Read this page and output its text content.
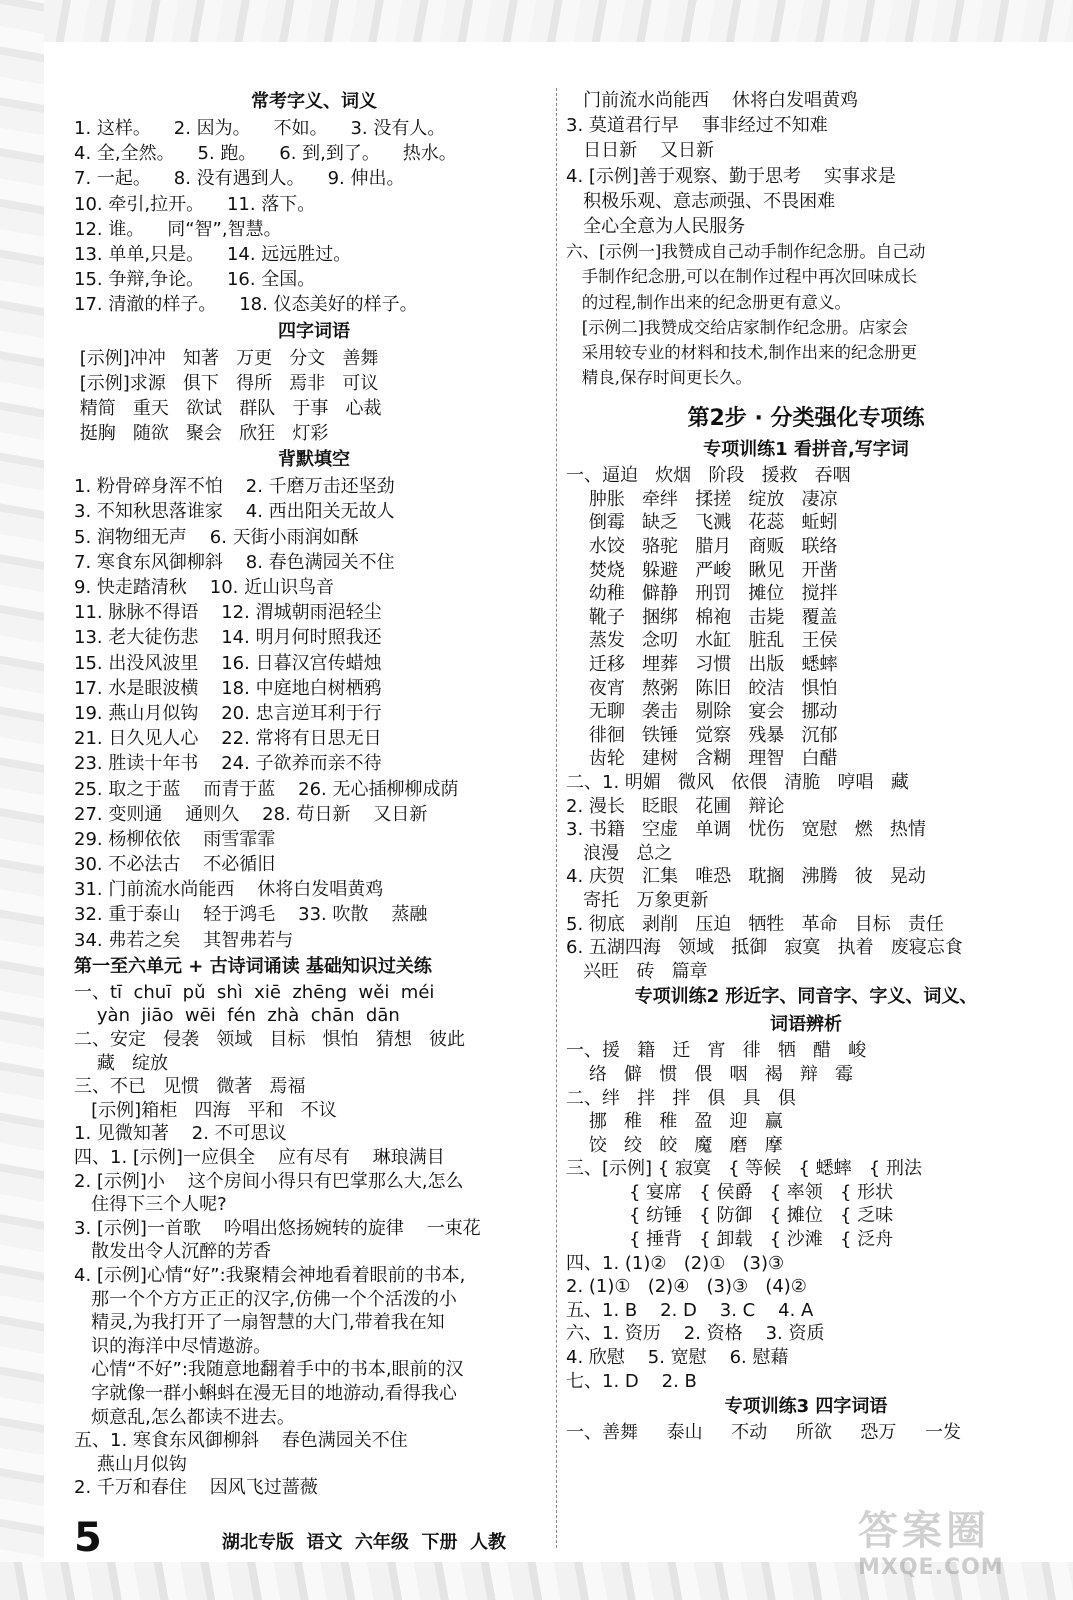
常考字义、词义
1. 这样。    2. 因为。    不如。    3. 没有人。
4. 全,全然。    5. 跑。    6. 到,到了。    热水。
7. 一起。    8. 没有遇到人。    9. 伸出。
10. 牵引,拉开。    11. 落下。
12. 谁。    同“智”,智慧。
13. 单单,只是。    14. 远远胜过。
15. 争辩,争论。    16. 全国。
17. 清澈的样子。    18. 仪态美好的样子。
四字词语
[示例]冲冲   知著   万更   分文   善舞
[示例]求源   俱下   得所   焉非   可议
精简   重天   欲试   群队   于事   心裁
挺胸   随欲   聚会   欣狂   灯彩
背默填空
1. 粉骨碎身浑不怕    2. 千磨万击还坚劲
3. 不知秋思落谁家    4. 西出阳关无故人
5. 润物细无声    6. 天街小雨润如酥
7. 寒食东风御柳斜    8. 春色满园关不住
9. 快走踏清秋    10. 近山识鸟音
11. 脉脉不得语    12. 渭城朝雨浥轻尘
13. 老大徒伤悲    14. 明月何时照我还
15. 出没风波里    16. 日暮汉宫传蜡烛
17. 水是眼波横    18. 中庭地白树栖鸦
19. 燕山月似钩    20. 忠言逆耳利于行
21. 日久见人心    22. 常将有日思无日
23. 胜读十年书    24. 子欲养而亲不待
25. 取之于蓝    而青于蓝    26. 无心插柳柳成荫
27. 变则通    通则久    28. 苟日新    又日新
29. 杨柳依依    雨雪霏霏
30. 不必法古    不必循旧
31. 门前流水尚能西    休将白发唱黄鸡
32. 重于泰山    轻于鸿毛    33. 吹散    蒸融
34. 弗若之矣    其智弗若与
第一至六单元 + 古诗词诵读 基础知识过关练
一、tī  chuī  pǔ  shì  xiē  zhēng  wěi  méi
yàn  jiāo  wēi  fén  zhà  chān  dān
二、安定   侵袭   领域   目标   惧怕   猜想   彼此
藏   绽放
三、不已   见惯   微著   焉福
[示例]箱柜   四海   平和   不议
1. 见微知著    2. 不可思议
四、1. [示例]一应俱全    应有尽有    琳琅满目
2. [示例]小    这个房间小得只有巴掌那么大,怎么
住得下三个人呢?
3. [示例]一首歌    吟唱出悠扬婉转的旋律    一束花
散发出令人沉醉的芳香
4. [示例]心情“好”:我聚精会神地看着眼前的书本,
那一个个方方正正的汉字,仿佛一个个活泼的小
精灵,为我打开了一扇智慧的大门,带着我在知
识的海洋中尽情遨游。
心情“不好”:我随意地翻着手中的书本,眼前的汉
字就像一群小蝌蚪在漫无目的地游动,看得我心
烦意乱,怎么都读不进去。
五、1. 寒食东风御柳斜    春色满园关不住
燕山月似钩
2. 千万和春住    因风飞过蔷薇
门前流水尚能西    休将白发唱黄鸡
3. 莫道君行早    事非经过不知难
日日新    又日新
4. [示例]善于观察、勤于思考    实事求是
积极乐观、意志顽强、不畏困难
全心全意为人民服务
六、[示例一]我赞成自己动手制作纪念册。自己动
手制作纪念册,可以在制作过程中再次回味成长
的过程,制作出来的纪念册更有意义。
[示例二]我赞成交给店家制作纪念册。店家会
采用较专业的材料和技术,制作出来的纪念册更
精良,保存时间更长久。
第2步 · 分类强化专项练
专项训练1 看拼音,写字词
一、逼迫   炊烟   阶段   援救   吞咽
肿胀   牵绊   揉搓   绽放   凄凉
倒霉   缺乏   飞溅   花蕊   蚯蚓
水饺   骆驼   腊月   商贩   联络
焚烧   躲避   严峻   瞅见   开凿
幼稚   僻静   刑罚   摊位   搅拌
靴子   捆绑   棉袍   击毙   覆盖
蒸发   念叨   水缸   脏乱   王侯
迁移   埋葬   习惯   出版   蟋蟀
夜宵   熬粥   陈旧   皎洁   惧怕
无聊   袭击   剔除   宴会   挪动
徘徊   铁锤   觉察   残暴   沉郁
齿轮   建树   含糊   理智   白醋
二、1. 明媚   微风   依偎   清脆   哼唱   藏
2. 漫长   眨眼   花圃   辩论
3. 书籍   空虚   单调   忧伤   宽慰   燃   热情
浪漫   总之
4. 庆贺   汇集   唯恐   耽搁   沸腾   彼   晃动
寄托   万象更新
5. 彻底   剥削   压迫   牺牲   革命   目标   责任
6. 五湖四海   领域   抵御   寂寞   执着   废寝忘食
兴旺   砖   篇章
专项训练2 形近字、同音字、字义、词义、
词语辨析
一、援   籍   迁   宵   徘   牺   醋   峻
络   僻   惯   偎   咽   褐   辩   霉
二、绊   拌   拌   俱   具   俱
挪   稚   稚   盈   迎   赢
饺   绞   皎   魔   磨   摩
三、[示例] { 寂寞   { 等候   { 蟋蟀   { 刑法
{ 宴席   { 侯爵   { 率领   { 形状
{ 纺锤   { 防御   { 摊位   { 乏味
{ 捶背   { 卸载   { 沙滩   { 泛舟
四、1. (1)②   (2)①   (3)③
2. (1)①   (2)④   (3)③   (4)②
五、1. B    2. D    3. C    4. A
六、1. 资历    2. 资格    3. 资质
4. 欣慰    5. 宽慰    6. 慰藉
七、1. D    2. B
专项训练3 四字词语
一、善舞     泰山     不动     所欲     恐万     一发
5	湖北专版  语文  六年级  下册  人教	答案圈
MXQE.COM
